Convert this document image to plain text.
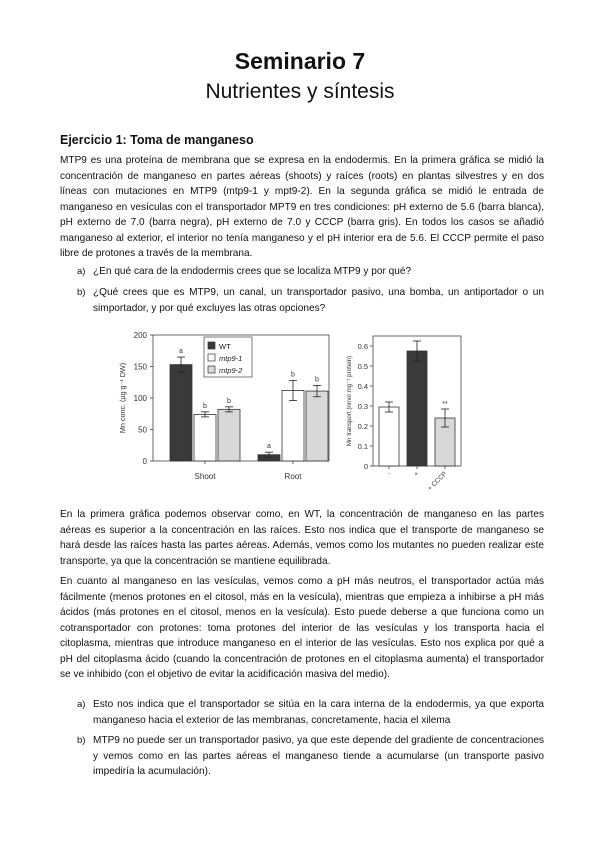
Seminario 7
Nutrientes y síntesis
Ejercicio 1: Toma de manganeso

MTP9 es una proteína de membrana que se expresa en la endodermis. En la primera gráfica se midió la concentración de manganeso en partes aéreas (shoots) y raíces (roots) en plantas silvestres y en dos líneas con mutaciones en MTP9 (mtp9-1 y mpt9-2). En la segunda gráfica se midió le entrada de manganeso en vesículas con el transportador MPT9 en tres condiciones: pH externo de 5.6 (barra blanca), pH externo de 7.0 (barra negra), pH externo de 7.0 y CCCP (barra gris). En todos los casos se añadió manganeso al exterior, el interior no tenía manganeso y el pH interior era de 5.6. El CCCP permite el paso libre de protones a través de la membrana.

a) ¿En qué cara de la endodermis crees que se localiza MTP9 y por qué?
b) ¿Qué crees que es MTP9, un canal, un transportador pasivo, una bomba, un antiportador o un simportador, y por qué excluyes las otras opciones?
0
50
100
150
200
Mn conc. (µg g⁻¹ DW)
Shoot	Root
a
b
b
a
b
b
WT
mtp9-1
mtp9-2
0
0.1
0.2
0.3
0.4
0.5
0.6
Mn transport (nmol mg⁻¹ protein)
-	+ + CCCP
**

En la primera gráfica podemos observar como, en WT, la concentración de manganeso en las partes aéreas es superior a la concentración en las raíces. Esto nos indica que el transporte de manganeso se hará desde las raíces hasta las partes aéreas. Además, vemos como los mutantes no pueden realizar este transporte, ya que la concentración se mantiene equilibrada.

En cuanto al manganeso en las vesículas, vemos como a pH más neutros, el transportador actúa más fácilmente (menos protones en el citosol, más en la vesícula), mientras que empieza a inhibirse a pH más ácidos (más protones en el citosol, menos en la vesícula). Esto puede deberse a que funciona como un cotransportador con protones: toma protones del interior de las vesículas y los transporta hacia el citoplasma, mientras que introduce manganeso en el interior de las vesículas. Esto nos explica por qué a pH del citoplasma ácido (cuando la concentración de protones en el citoplasma aumenta) el transportador se ve inhibido (con el objetivo de evitar la acidificación masiva del medio).

a) Esto nos indica que el transportador se sitúa en la cara interna de la endodermis, ya que exporta manganeso hacia el exterior de las membranas, concretamente, hacia el xilema
b) MTP9 no puede ser un transportador pasivo, ya que este depende del gradiente de concentraciones y vemos como en las partes aéreas el manganeso tiende a acumularse (un transporte pasivo impediría la acumulación).
